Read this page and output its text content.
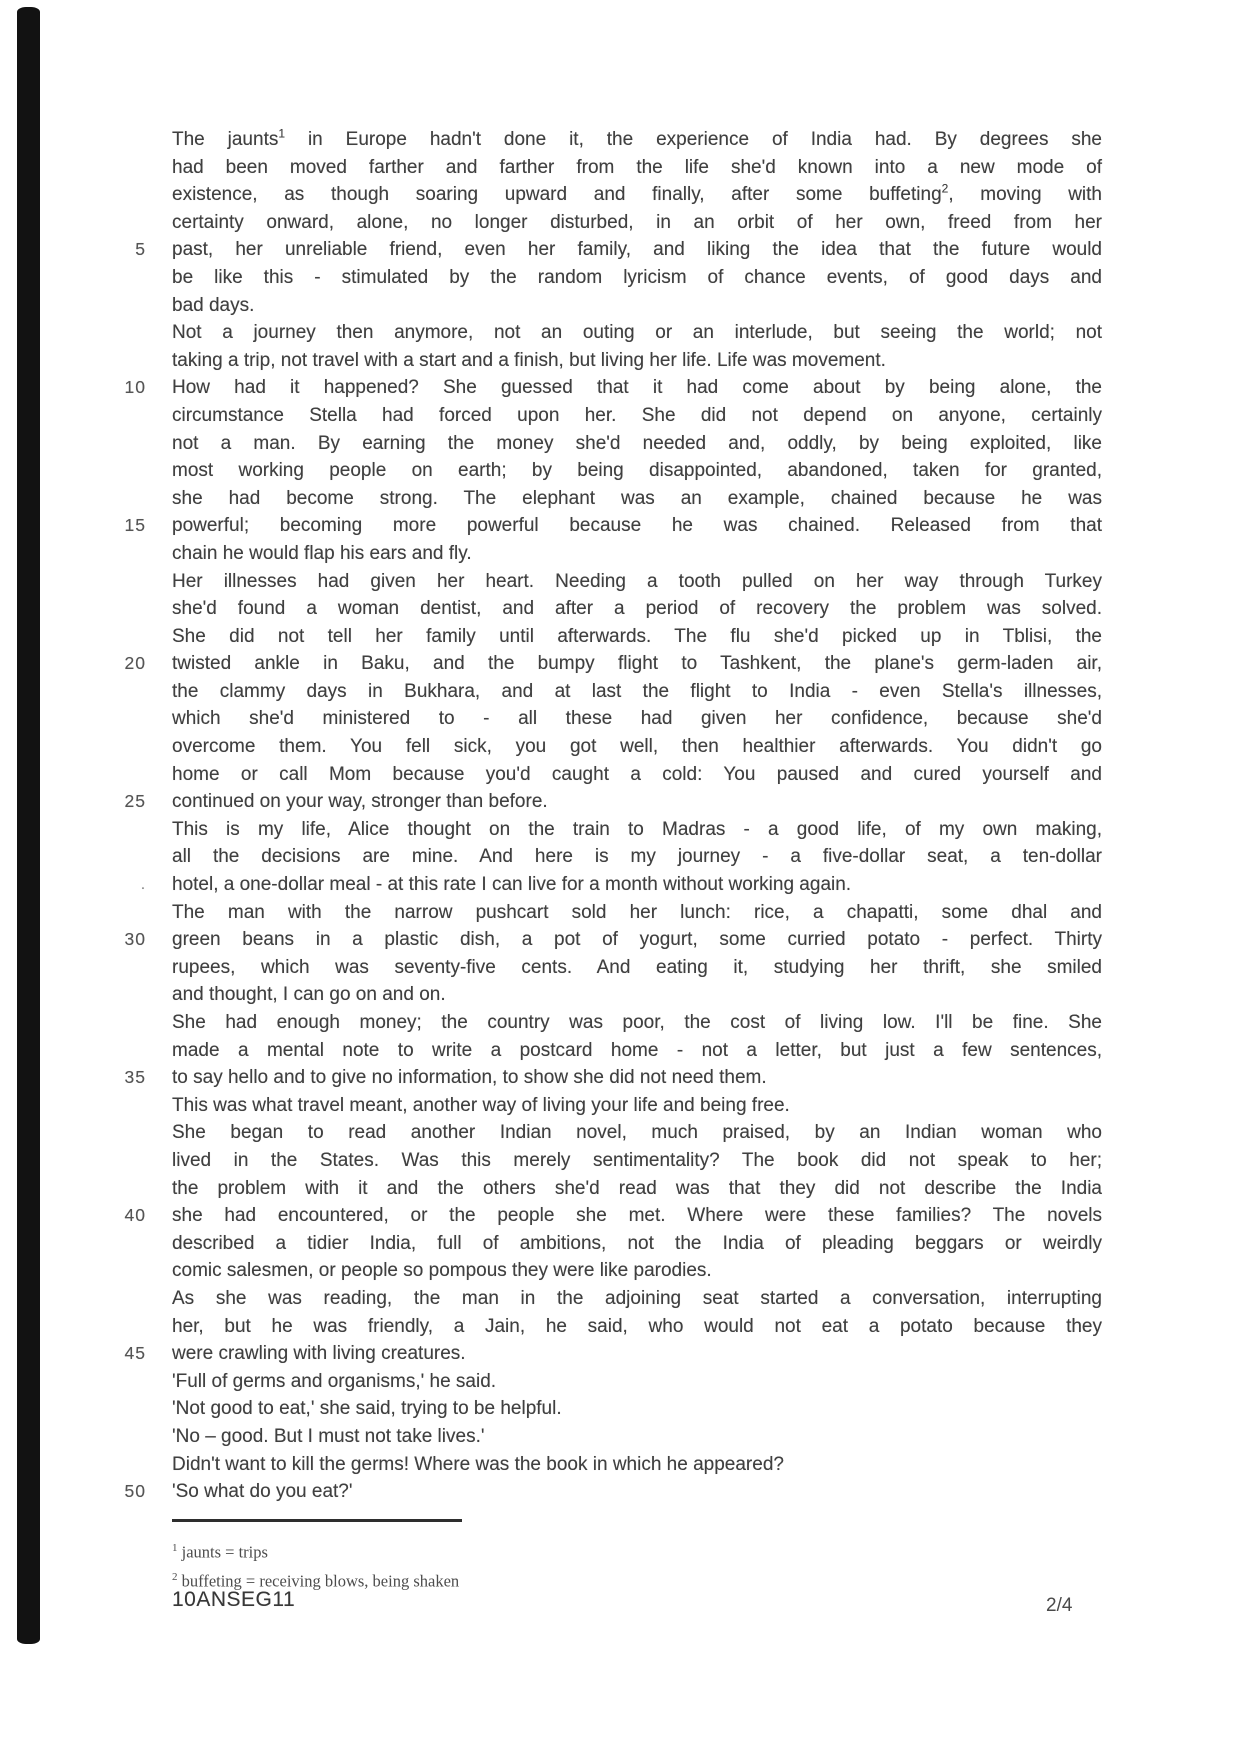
The jaunts$^1$ in Europe hadn't done it, the experience of India had. By degrees she
had been moved farther and farther from the life she'd known into a new mode of
existence, as though soaring upward and finally, after some buffeting$^2$, moving with
certainty onward, alone, no longer disturbed, in an orbit of her own, freed from her
5 past, her unreliable friend, even her family, and liking the idea that the future would
be like this - stimulated by the random lyricism of chance events, of good days and
bad days.
Not a journey then anymore, not an outing or an interlude, but seeing the world; not
taking a trip, not travel with a start and a finish, but living her life. Life was movement.
10 How had it happened? She guessed that it had come about by being alone, the
circumstance Stella had forced upon her. She did not depend on anyone, certainly
not a man. By earning the money she'd needed and, oddly, by being exploited, like
most working people on earth; by being disappointed, abandoned, taken for granted,
she had become strong. The elephant was an example, chained because he was
15 powerful; becoming more powerful because he was chained. Released from that
chain he would flap his ears and fly.
Her illnesses had given her heart. Needing a tooth pulled on her way through Turkey
she'd found a woman dentist, and after a period of recovery the problem was solved.
She did not tell her family until afterwards. The flu she'd picked up in Tblisi, the
20 twisted ankle in Baku, and the bumpy flight to Tashkent, the plane's germ-laden air,
the clammy days in Bukhara, and at last the flight to India - even Stella's illnesses,
which she'd ministered to - all these had given her confidence, because she'd
overcome them. You fell sick, you got well, then healthier afterwards. You didn't go
home or call Mom because you'd caught a cold: You paused and cured yourself and
25 continued on your way, stronger than before.
This is my life, Alice thought on the train to Madras - a good life, of my own making,
all the decisions are mine. And here is my journey - a five-dollar seat, a ten-dollar
. hotel, a one-dollar meal - at this rate I can live for a month without working again.
The man with the narrow pushcart sold her lunch: rice, a chapatti, some dhal and
30 green beans in a plastic dish, a pot of yogurt, some curried potato - perfect. Thirty
rupees, which was seventy-five cents. And eating it, studying her thrift, she smiled
and thought, I can go on and on.
She had enough money; the country was poor, the cost of living low. I'll be fine. She
made a mental note to write a postcard home - not a letter, but just a few sentences,
35 to say hello and to give no information, to show she did not need them.
This was what travel meant, another way of living your life and being free.
She began to read another Indian novel, much praised, by an Indian woman who
lived in the States. Was this merely sentimentality? The book did not speak to her;
the problem with it and the others she'd read was that they did not describe the India
40 she had encountered, or the people she met. Where were these families? The novels
described a tidier India, full of ambitions, not the India of pleading beggars or weirdly
comic salesmen, or people so pompous they were like parodies.
As she was reading, the man in the adjoining seat started a conversation, interrupting
her, but he was friendly, a Jain, he said, who would not eat a potato because they
45 were crawling with living creatures.
'Full of germs and organisms,' he said.
'Not good to eat,' she said, trying to be helpful.
'No – good. But I must not take lives.'
Didn't want to kill the germs! Where was the book in which he appeared?
50 'So what do you eat?'
$^1$ jaunts = trips
$^2$ buffeting = receiving blows, being shaken
10ANSEG11	2/4
